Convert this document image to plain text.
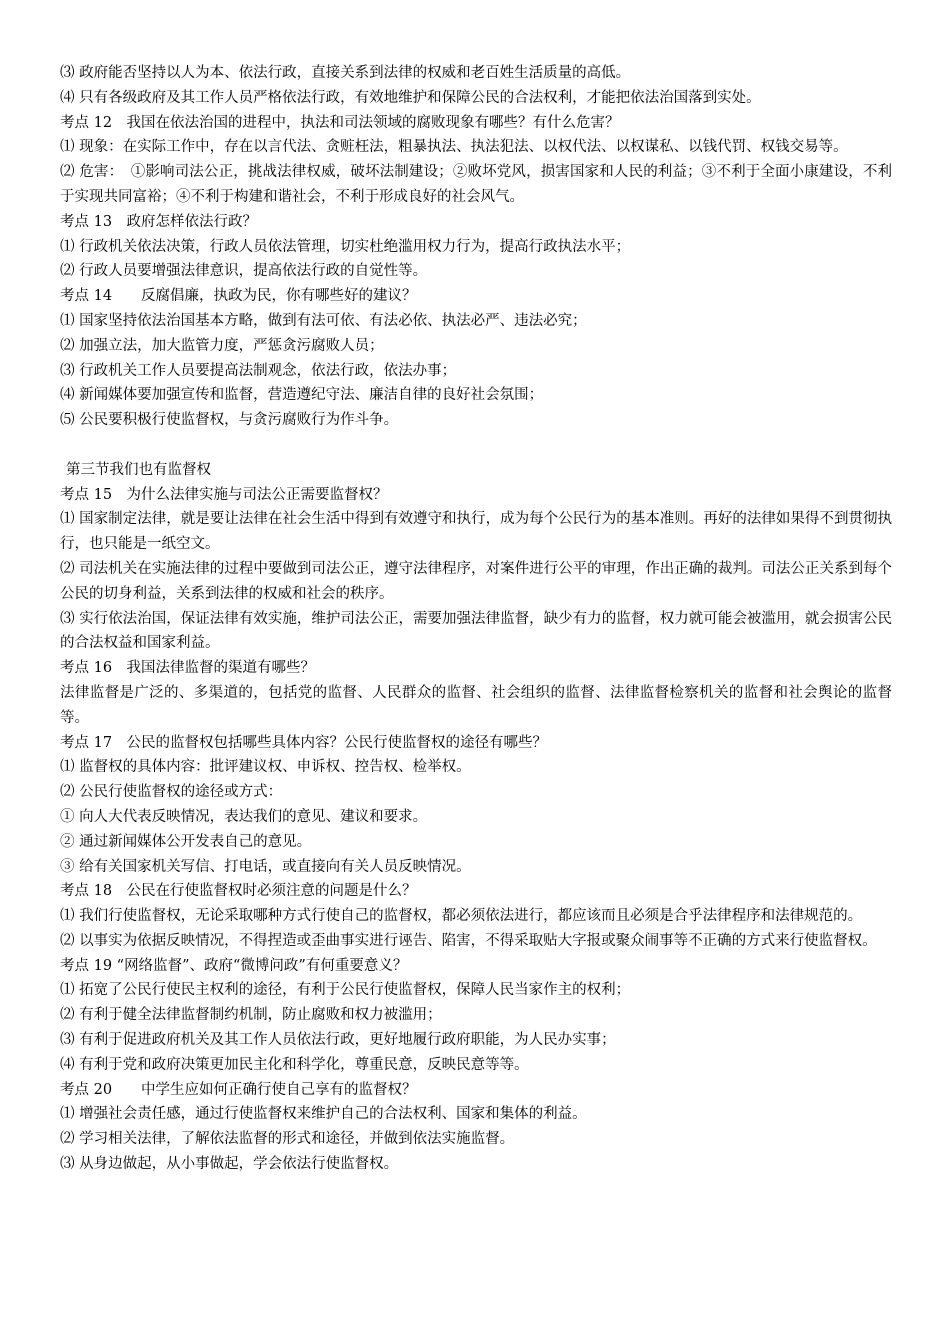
⑶ 政府能否坚持以人为本、依法行政，直接关系到法律的权威和老百姓生活质量的高低。

⑷ 只有各级政府及其工作人员严格依法行政，有效地维护和保障公民的合法权利，才能把依法治国落到实处。

考点 12　我国在依法治国的进程中，执法和司法领域的腐败现象有哪些？有什么危害？

⑴ 现象：在实际工作中，存在以言代法、贪赃枉法，粗暴执法、执法犯法、以权代法、以权谋私、以钱代罚、权钱交易等。

⑵ 危害：　①影响司法公正，挑战法律权威，破坏法制建设；②败坏党风，损害国家和人民的利益；③不利于全面小康建设，不利于实现共同富裕；④不利于构建和谐社会，不利于形成良好的社会风气。

考点 13　政府怎样依法行政？

⑴ 行政机关依法决策，行政人员依法管理，切实杜绝滥用权力行为，提高行政执法水平；

⑵ 行政人员要增强法律意识，提高依法行政的自觉性等。

考点 14　　反腐倡廉，执政为民，你有哪些好的建议？

⑴ 国家坚持依法治国基本方略，做到有法可依、有法必依、执法必严、违法必究；

⑵ 加强立法，加大监管力度，严惩贪污腐败人员；

⑶ 行政机关工作人员要提高法制观念，依法行政，依法办事；

⑷ 新闻媒体要加强宣传和监督，营造遵纪守法、廉洁自律的良好社会氛围；

⑸ 公民要积极行使监督权，与贪污腐败行为作斗争。

第三节我们也有监督权

考点 15　为什么法律实施与司法公正需要监督权？

⑴ 国家制定法律，就是要让法律在社会生活中得到有效遵守和执行，成为每个公民行为的基本准则。再好的法律如果得不到贯彻执行，也只能是一纸空文。

⑵ 司法机关在实施法律的过程中要做到司法公正，遵守法律程序，对案件进行公平的审理，作出正确的裁判。司法公正关系到每个公民的切身利益，关系到法律的权威和社会的秩序。

⑶ 实行依法治国，保证法律有效实施，维护司法公正，需要加强法律监督，缺少有力的监督，权力就可能会被滥用，就会损害公民的合法权益和国家利益。

考点 16　我国法律监督的渠道有哪些？

法律监督是广泛的、多渠道的，包括党的监督、人民群众的监督、社会组织的监督、法律监督检察机关的监督和社会舆论的监督等。

考点 17　公民的监督权包括哪些具体内容？公民行使监督权的途径有哪些？

⑴ 监督权的具体内容：批评建议权、申诉权、控告权、检举权。

⑵ 公民行使监督权的途径或方式：

① 向人大代表反映情况，表达我们的意见、建议和要求。

② 通过新闻媒体公开发表自己的意见。

③ 给有关国家机关写信、打电话，或直接向有关人员反映情况。

考点 18　公民在行使监督权时必须注意的问题是什么？

⑴ 我们行使监督权，无论采取哪种方式行使自己的监督权，都必须依法进行，都应该而且必须是合乎法律程序和法律规范的。

⑵ 以事实为依据反映情况，不得捏造或歪曲事实进行诬告、陷害，不得采取贴大字报或聚众闹事等不正确的方式来行使监督权。

考点 19 “网络监督”、政府“微博问政”有何重要意义？

⑴ 拓宽了公民行使民主权利的途径，有利于公民行使监督权，保障人民当家作主的权利；

⑵ 有利于健全法律监督制约机制，防止腐败和权力被滥用；

⑶ 有利于促进政府机关及其工作人员依法行政，更好地履行政府职能，为人民办实事；

⑷ 有利于党和政府决策更加民主化和科学化，尊重民意，反映民意等等。

考点 20　　中学生应如何正确行使自己享有的监督权？

⑴ 增强社会责任感，通过行使监督权来维护自己的合法权利、国家和集体的利益。

⑵ 学习相关法律，了解依法监督的形式和途径，并做到依法实施监督。

⑶ 从身边做起，从小事做起，学会依法行使监督权。
